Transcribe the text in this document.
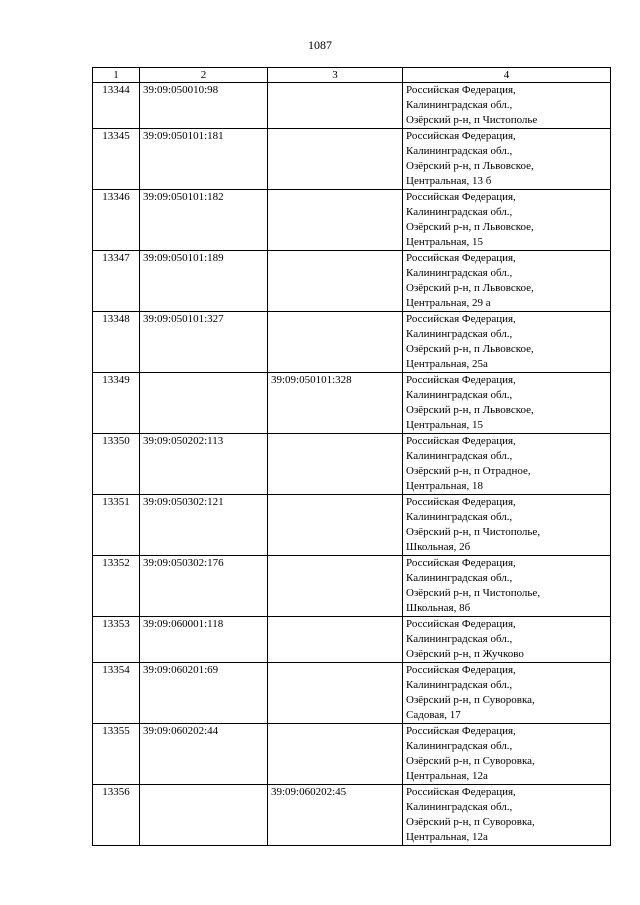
1087
1	2	3	4
13344	39:09:050010:98		Российская Федерация,
Калининградская обл.,
Озёрский р-н, п Чистополье

13345	39:09:050101:181		Российская Федерация,
Калининградская обл.,
Озёрский р-н, п Львовское,
Центральная, 13 б

13346	39:09:050101:182		Российская Федерация,
Калининградская обл.,
Озёрский р-н, п Львовское,
Центральная, 15

13347	39:09:050101:189		Российская Федерация,
Калининградская обл.,
Озёрский р-н, п Львовское,
Центральная, 29 а

13348	39:09:050101:327		Российская Федерация,
Калининградская обл.,
Озёрский р-н, п Львовское,
Центральная, 25а

13349		39:09:050101:328	Российская Федерация,
Калининградская обл.,
Озёрский р-н, п Львовское,
Центральная, 15

13350	39:09:050202:113		Российская Федерация,
Калининградская обл.,
Озёрский р-н, п Отрадное,
Центральная, 18

13351	39:09:050302:121		Российская Федерация,
Калининградская обл.,
Озёрский р-н, п Чистополье,
Школьная, 2б

13352	39:09:050302:176		Российская Федерация,
Калининградская обл.,
Озёрский р-н, п Чистополье,
Школьная, 8б

13353	39:09:060001:118		Российская Федерация,
Калининградская обл.,
Озёрский р-н, п Жучково

13354	39:09:060201:69		Российская Федерация,
Калининградская обл.,
Озёрский р-н, п Суворовка,
Садовая, 17

13355	39:09:060202:44		Российская Федерация,
Калининградская обл.,
Озёрский р-н, п Суворовка,
Центральная, 12а

13356		39:09:060202:45	Российская Федерация,
Калининградская обл.,
Озёрский р-н, п Суворовка,
Центральная, 12а
